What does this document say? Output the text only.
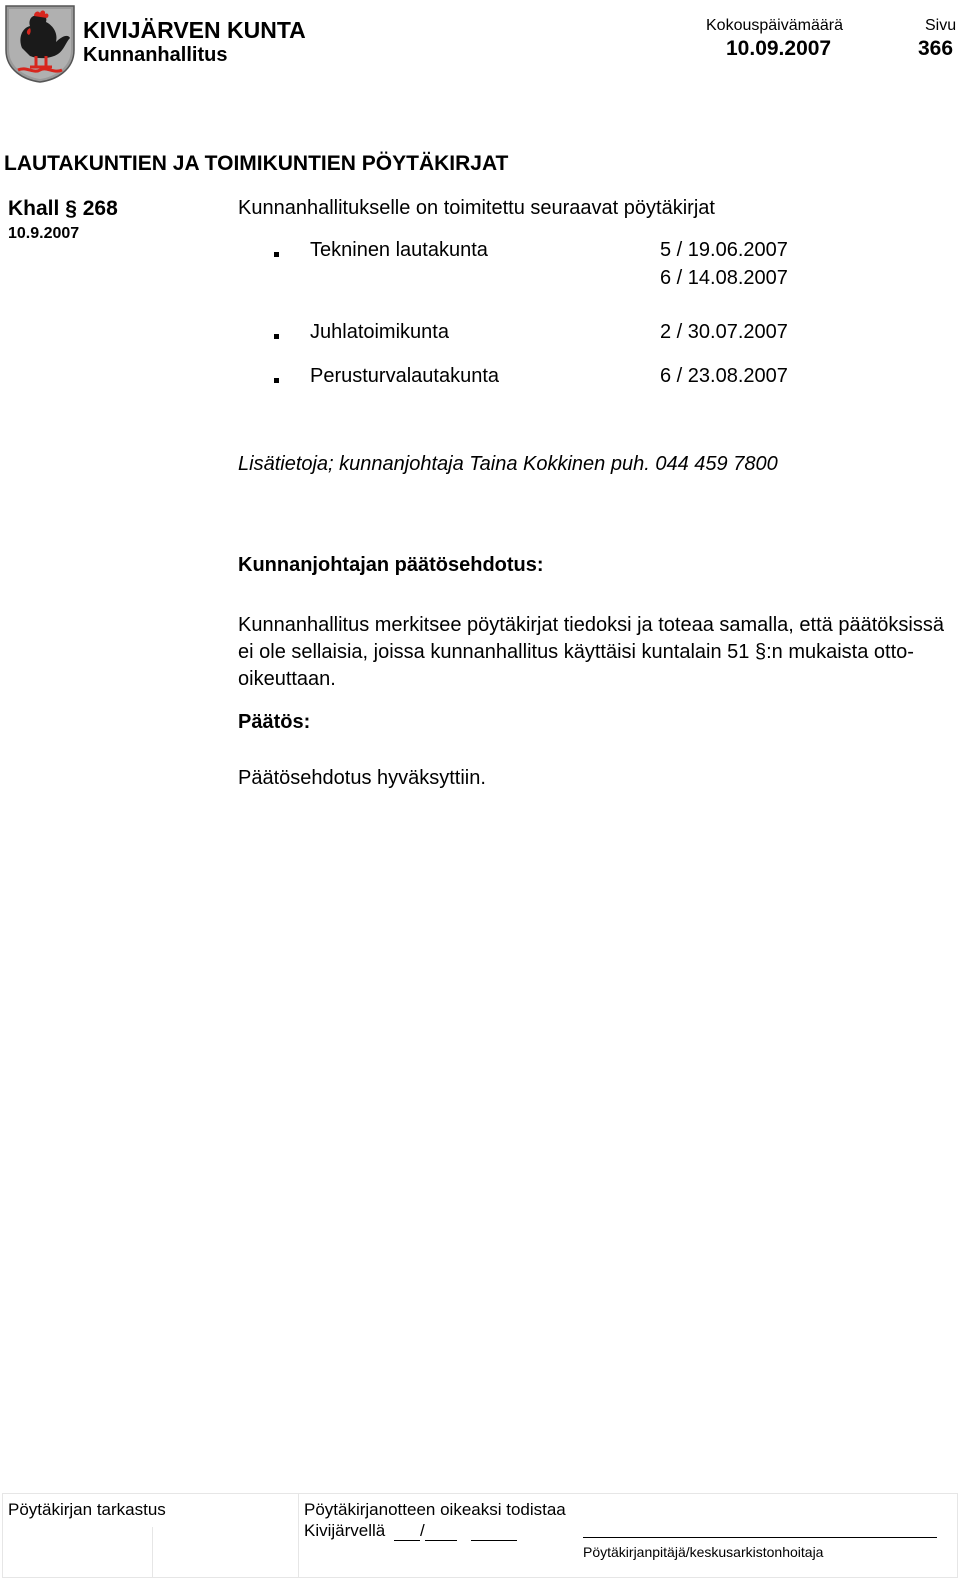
KIVIJÄRVEN KUNTA
Kunnanhallitus
Kokouspäivämäärä
10.09.2007
Sivu
366
LAUTAKUNTIEN JA TOIMIKUNTIEN PÖYTÄKIRJAT
Khall § 268
10.9.2007
Kunnanhallitukselle on toimitettu seuraavat pöytäkirjat
Tekninen lautakunta	5 / 19.06.2007
6 / 14.08.2007
Juhlatoimikunta	2 / 30.07.2007
Perusturvalautakunta	6 / 23.08.2007
Lisätietoja; kunnanjohtaja Taina Kokkinen puh. 044 459 7800
Kunnanjohtajan päätösehdotus:
Kunnanhallitus merkitsee pöytäkirjat tiedoksi ja toteaa samalla, että päätöksissä ei ole sellaisia, joissa kunnanhallitus käyttäisi kuntalain 51 §:n mukaista otto-oikeuttaan.
Päätös:
Päätösehdotus hyväksyttiin.
Pöytäkirjan tarkastus	Pöytäkirjanotteen oikeaksi todistaa
Kivijärvellä /
Pöytäkirjanpitäjä/keskusarkistonhoitaja
